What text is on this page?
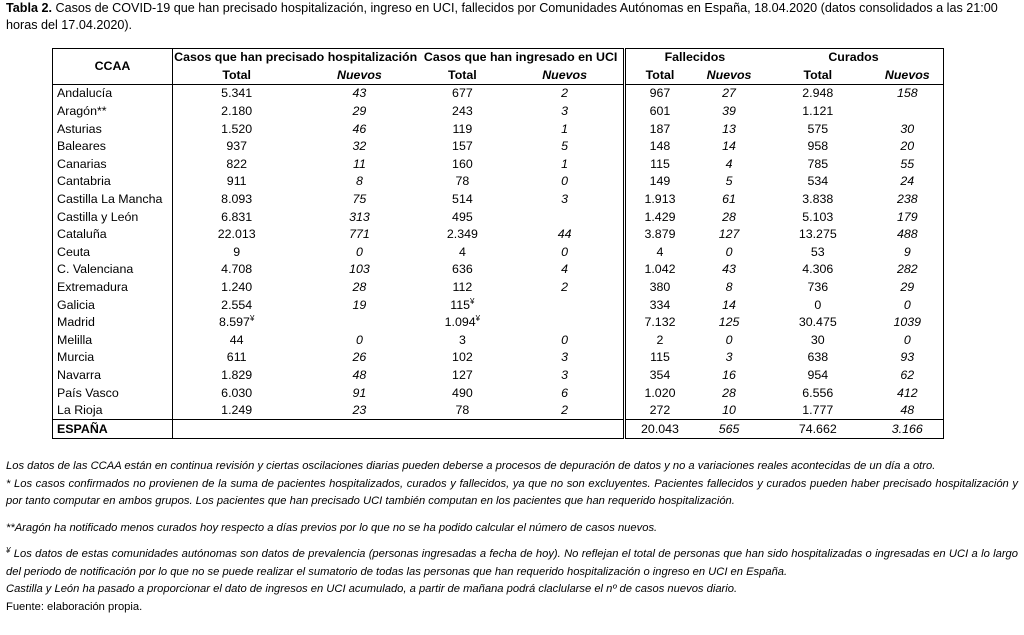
Tabla 2. Casos de COVID-19 que han precisado hospitalización, ingreso en UCI, fallecidos por Comunidades Autónomas en España, 18.04.2020 (datos consolidados a las 21:00 horas del 17.04.2020).
CCAA	Casos que han precisado hospitalización		Casos que han ingresado en UCI		Fallecidos		Curados	
	Total	Nuevos	Total	Nuevos	Total	Nuevos	Total	Nuevos
Andalucía	5.341	43	677	2	967	27	2.948	158
Aragón**	2.180	29	243	3	601	39	1.121	
Asturias	1.520	46	119	1	187	13	575	30
Baleares	937	32	157	5	148	14	958	20
Canarias	822	11	160	1	115	4	785	55
Cantabria	911	8	78	0	149	5	534	24
Castilla La Mancha	8.093	75	514	3	1.913	61	3.838	238
Castilla y León	6.831	313	495		1.429	28	5.103	179
Cataluña	22.013	771	2.349	44	3.879	127	13.275	488
Ceuta	9	0	4	0	4	0	53	9
C. Valenciana	4.708	103	636	4	1.042	43	4.306	282
Extremadura	1.240	28	112	2	380	8	736	29
Galicia	2.554	19	115¥		334	14	0	0
Madrid	8.597¥		1.094¥		7.132	125	30.475	1039
Melilla	44	0	3	0	2	0	30	0
Murcia	611	26	102	3	115	3	638	93
Navarra	1.829	48	127	3	354	16	954	62
País Vasco	6.030	91	490	6	1.020	28	6.556	412
La Rioja	1.249	23	78	2	272	10	1.777	48
ESPAÑA					20.043	565	74.662	3.166

Los datos de las CCAA están en continua revisión y ciertas oscilaciones diarias pueden deberse a procesos de depuración de datos y no a variaciones reales acontecidas de un día a otro.

* Los casos confirmados no provienen de la suma de pacientes hospitalizados, curados y fallecidos, ya que no son excluyentes. Pacientes fallecidos y curados pueden haber precisado hospitalización y por tanto computar en ambos grupos. Los pacientes que han precisado UCI también computan en los pacientes que han requerido hospitalización.

**Aragón ha notificado menos curados hoy respecto a días previos por lo que no se ha podido calcular el número de casos nuevos.

¥ Los datos de estas comunidades autónomas son datos de prevalencia (personas ingresadas a fecha de hoy). No reflejan el total de personas que han sido hospitalizadas o ingresadas en UCI a lo largo del periodo de notificación por lo que no se puede realizar el sumatorio de todas las personas que han requerido hospitalización o ingreso en UCI en España.

Castilla y León ha pasado a proporcionar el dato de ingresos en UCI acumulado, a partir de mañana podrá claclularse el nº de casos nuevos diario.

Fuente: elaboración propia.
